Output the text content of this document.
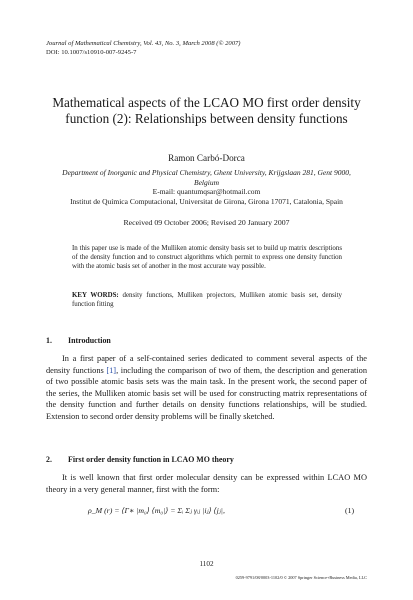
Journal of Mathematical Chemistry, Vol. 43, No. 3, March 2008 (© 2007)
DOI: 10.1007/s10910-007-9245-7
Mathematical aspects of the LCAO MO first order density function (2): Relationships between density functions
Ramon Carbó-Dorca
Department of Inorganic and Physical Chemistry, Ghent University, Krijgslaan 281, Gent 9000,
Belgium
E-mail: quantumqsar@hotmail.com
Institut de Química Computacional, Universitat de Girona, Girona 17071, Catalonia, Spain
Received 09 October 2006; Revised 20 January 2007
In this paper use is made of the Mulliken atomic density basis set to build up matrix descriptions of the density function and to construct algorithms which permit to express one density function with the atomic basis set of another in the most accurate way possible.
KEY WORDS: density functions, Mulliken projectors, Mulliken atomic basis set, density function fitting
1. Introduction
In a first paper of a self-contained series dedicated to comment several aspects of the density functions [1], including the comparison of two of them, the description and generation of two possible atomic basis sets was the main task. In the present work, the second paper of the series, the Mulliken atomic basis set will be used for constructing matrix representations of the density function and further details on density functions relationships, will be studied. Extension to second order density problems will be finally sketched.
2. First order density function in LCAO MO theory
It is well known that first order molecular density can be expressed within LCAO MO theory in a very general manner, first with the form:
ρ_M (r) = ⟨Γ∗ |m₀⟩ ⟨m₀|⟩ = Σᵢ Σⱼ γᵢⱼ |iⱼ⟩ ⟨jⱼ|,	(1)
1102
0259-9791/08/0003-1102/0 © 2007 Springer Science+Business Media, LLC
